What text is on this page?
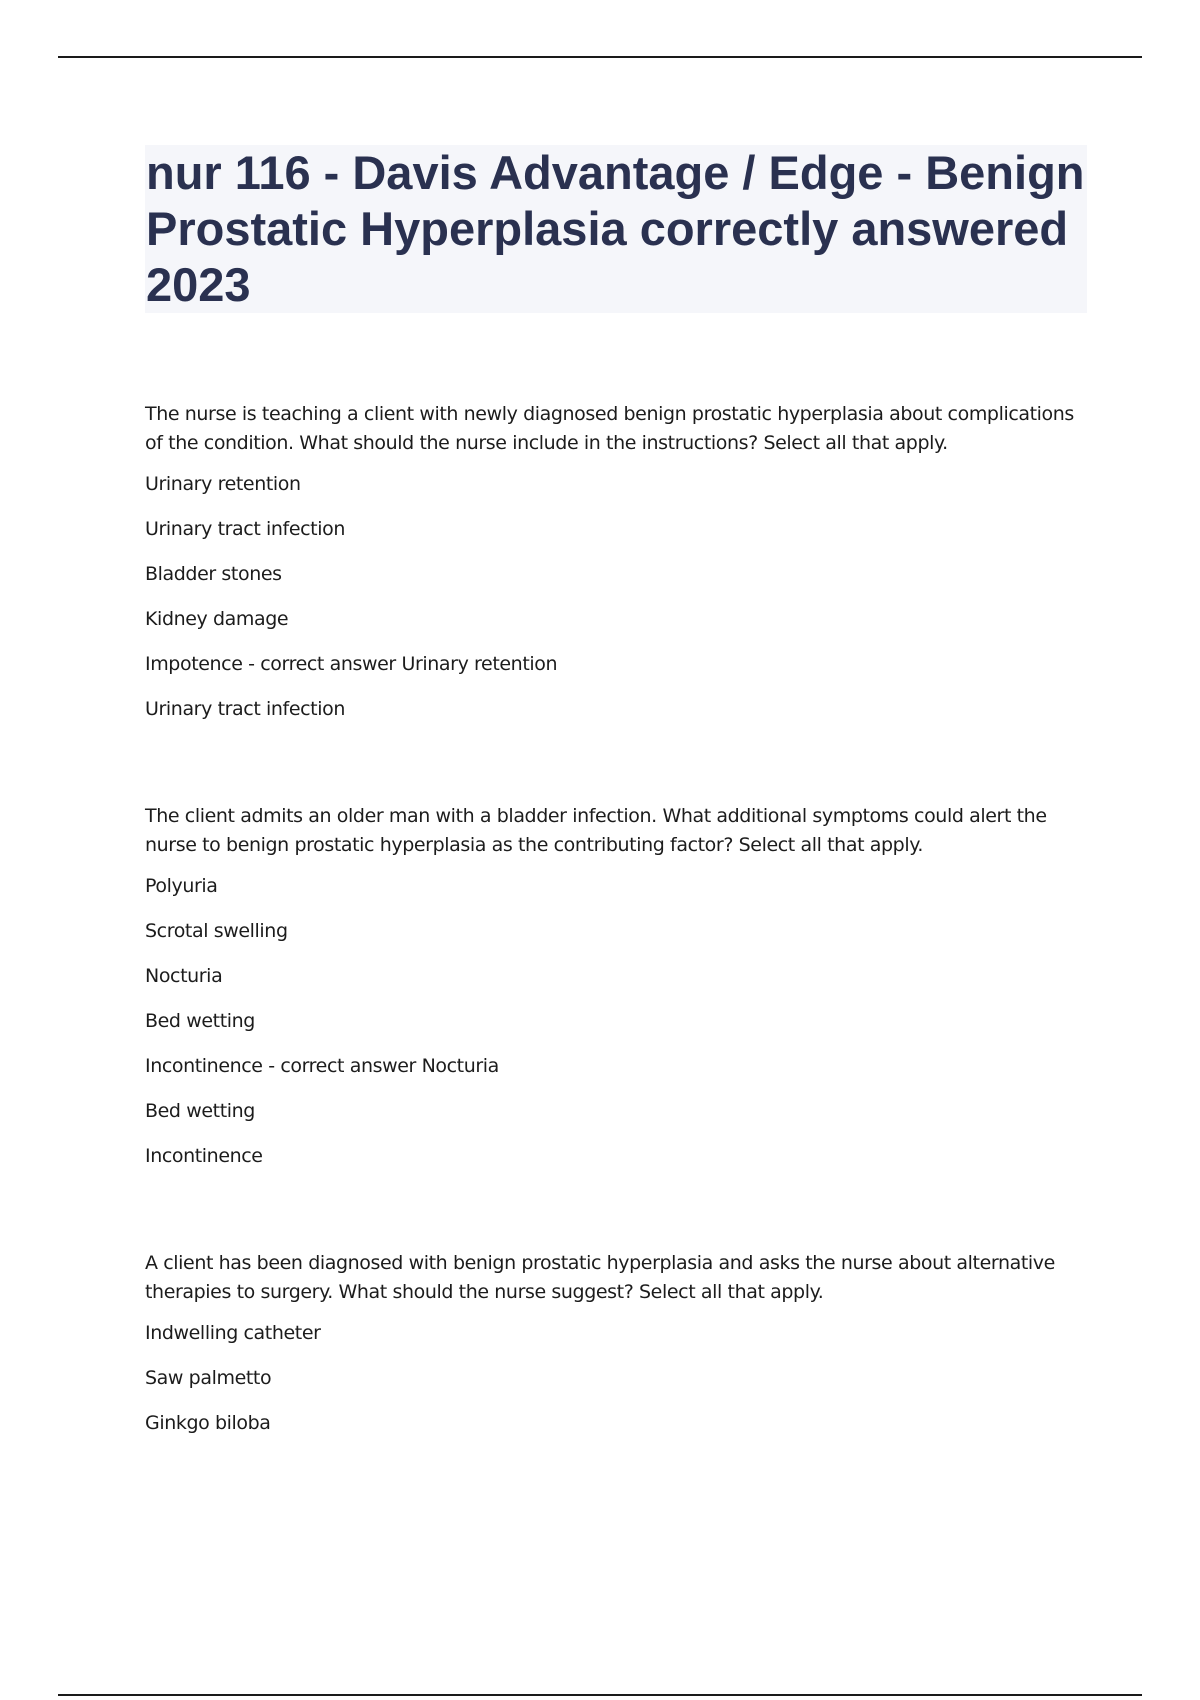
nur 116 - Davis Advantage / Edge - Benign Prostatic Hyperplasia correctly answered 2023

The nurse is teaching a client with newly diagnosed benign prostatic hyperplasia about complications of the condition. What should the nurse include in the instructions? Select all that apply.

Urinary retention

Urinary tract infection

Bladder stones

Kidney damage

Impotence - correct answer Urinary retention

Urinary tract infection

The client admits an older man with a bladder infection. What additional symptoms could alert the nurse to benign prostatic hyperplasia as the contributing factor? Select all that apply.

Polyuria

Scrotal swelling

Nocturia

Bed wetting

Incontinence - correct answer Nocturia

Bed wetting

Incontinence

A client has been diagnosed with benign prostatic hyperplasia and asks the nurse about alternative therapies to surgery. What should the nurse suggest? Select all that apply.

Indwelling catheter

Saw palmetto

Ginkgo biloba
